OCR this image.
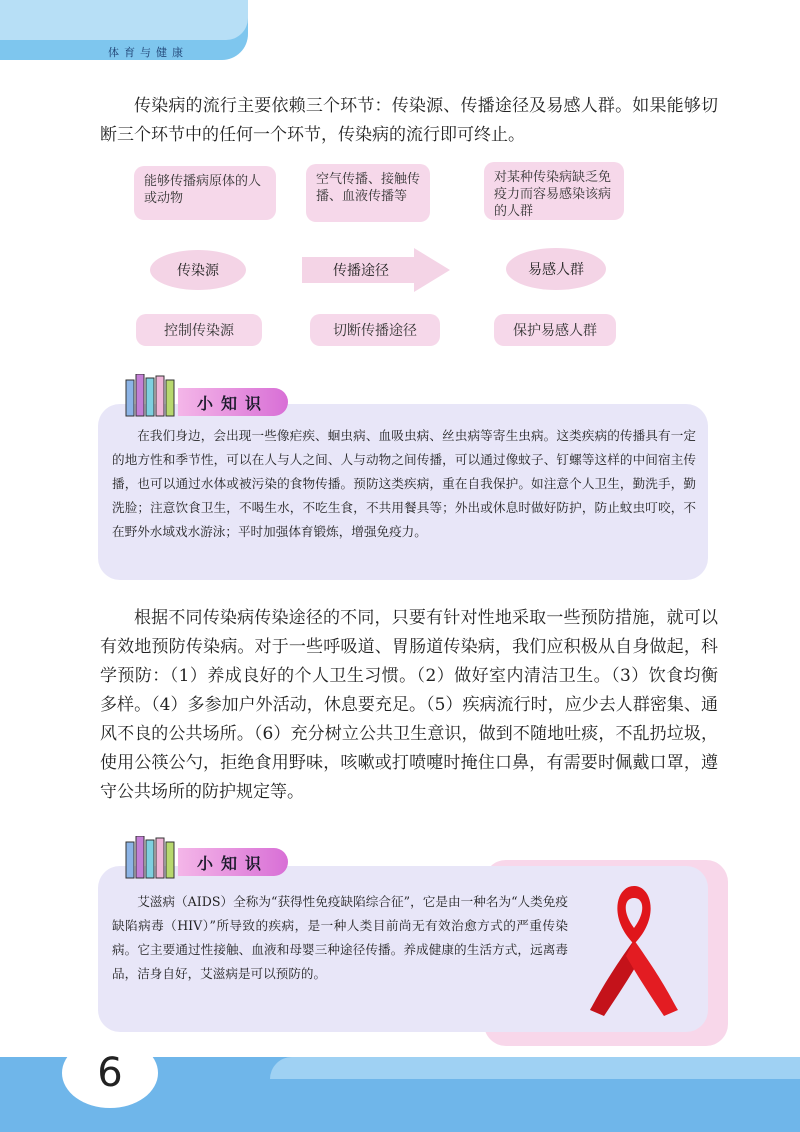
体育与健康

传染病的流行主要依赖三个环节：传染源、传播途径及易感人群。如果能够切断三个环节中的任何一个环节，传染病的流行即可终止。

能够传播病原体的人或动物
空气传播、接触传播、血液传播等
对某种传染病缺乏免疫力而容易感染该病的人群
传染源	传播途径	易感人群
控制传染源	切断传播途径	保护易感人群
小知识

在我们身边，会出现一些像疟疾、蛔虫病、血吸虫病、丝虫病等寄生虫病。这类疾病的传播具有一定的地方性和季节性，可以在人与人之间、人与动物之间传播，可以通过像蚊子、钉螺等这样的中间宿主传播，也可以通过水体或被污染的食物传播。预防这类疾病，重在自我保护。如注意个人卫生，勤洗手，勤洗脸；注意饮食卫生，不喝生水，不吃生食，不共用餐具等；外出或休息时做好防护，防止蚊虫叮咬，不在野外水域戏水游泳；平时加强体育锻炼，增强免疫力。

根据不同传染病传染途径的不同，只要有针对性地采取一些预防措施，就可以有效地预防传染病。对于一些呼吸道、胃肠道传染病，我们应积极从自身做起，科学预防：（1）养成良好的个人卫生习惯。（2）做好室内清洁卫生。（3）饮食均衡多样。（4）多参加户外活动，休息要充足。（5）疾病流行时，应少去人群密集、通风不良的公共场所。（6）充分树立公共卫生意识，做到不随地吐痰，不乱扔垃圾，使用公筷公勺，拒绝食用野味，咳嗽或打喷嚏时掩住口鼻，有需要时佩戴口罩，遵守公共场所的防护规定等。

小知识

艾滋病（AIDS）全称为“获得性免疫缺陷综合征”，它是由一种名为“人类免疫缺陷病毒（HIV）”所导致的疾病，是一种人类目前尚无有效治愈方式的严重传染病。它主要通过性接触、血液和母婴三种途径传播。养成健康的生活方式，远离毒品，洁身自好，艾滋病是可以预防的。

6
